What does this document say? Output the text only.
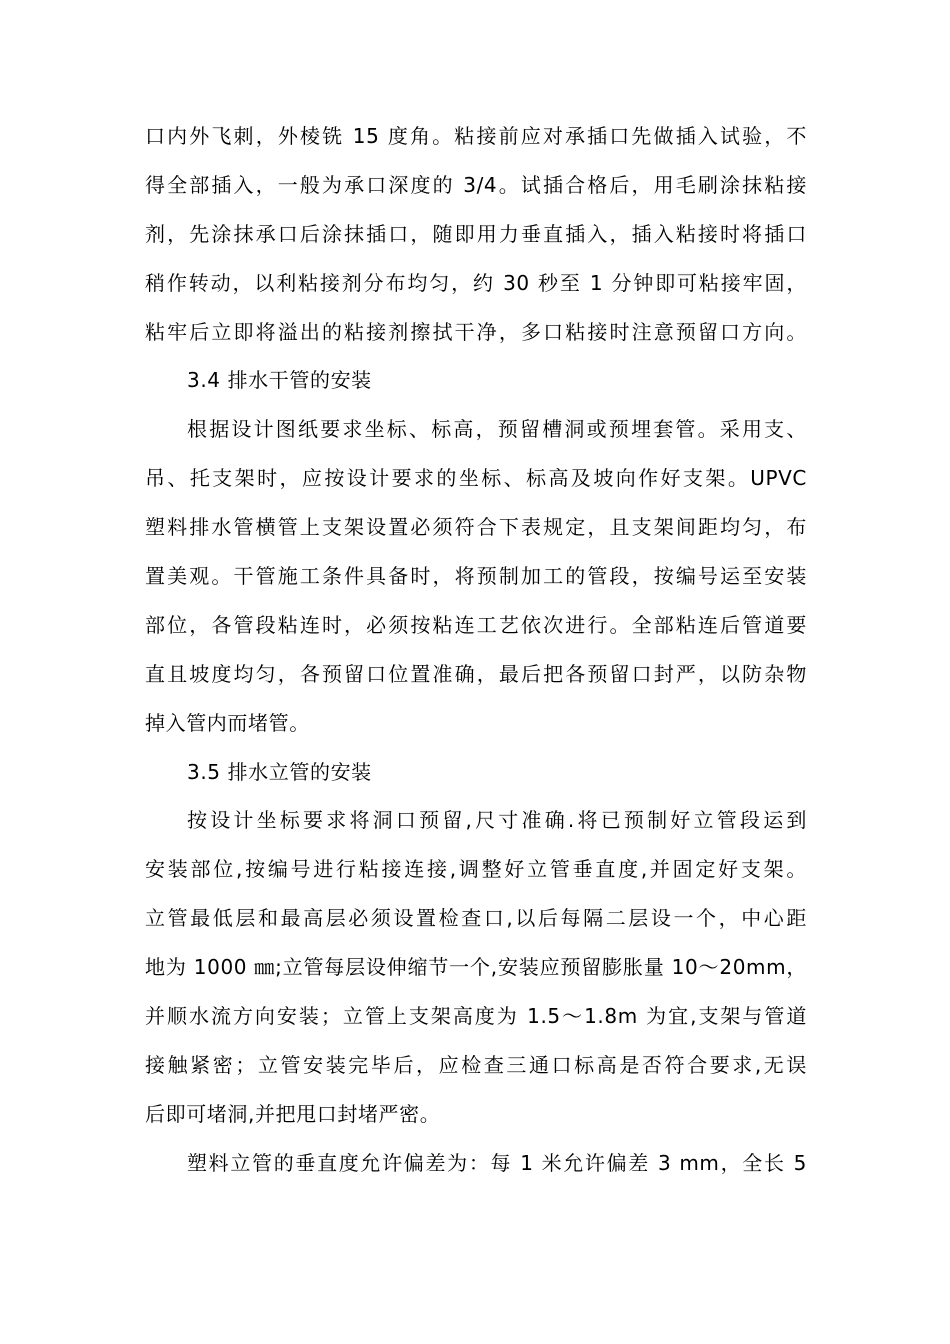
口内外飞刺，外棱铣 15 度角。粘接前应对承插口先做插入试验，不
得全部插入，一般为承口深度的 3/4。试插合格后，用毛刷涂抹粘接
剂，先涂抹承口后涂抹插口，随即用力垂直插入，插入粘接时将插口
稍作转动，以利粘接剂分布均匀，约 30 秒至 1 分钟即可粘接牢固，
粘牢后立即将溢出的粘接剂擦拭干净，多口粘接时注意预留口方向。
3.4 排水干管的安装
根据设计图纸要求坐标、标高，预留槽洞或预埋套管。采用支、
吊、托支架时，应按设计要求的坐标、标高及坡向作好支架。UPVC
塑料排水管横管上支架设置必须符合下表规定，且支架间距均匀，布
置美观。干管施工条件具备时，将预制加工的管段，按编号运至安装
部位，各管段粘连时，必须按粘连工艺依次进行。全部粘连后管道要
直且坡度均匀，各预留口位置准确，最后把各预留口封严，以防杂物
掉入管内而堵管。
3.5 排水立管的安装
按设计坐标要求将洞口预留,尺寸准确.将已预制好立管段运到
安装部位,按编号进行粘接连接,调整好立管垂直度,并固定好支架。
立管最低层和最高层必须设置检查口,以后每隔二层设一个，中心距
地为 1000 ㎜;立管每层设伸缩节一个,安装应预留膨胀量 10～20mm，
并顺水流方向安装；立管上支架高度为 1.5～1.8m 为宜,支架与管道
接触紧密；立管安装完毕后，应检查三通口标高是否符合要求,无误
后即可堵洞,并把甩口封堵严密。
塑料立管的垂直度允许偏差为：每 1 米允许偏差 3 mm，全长 5
